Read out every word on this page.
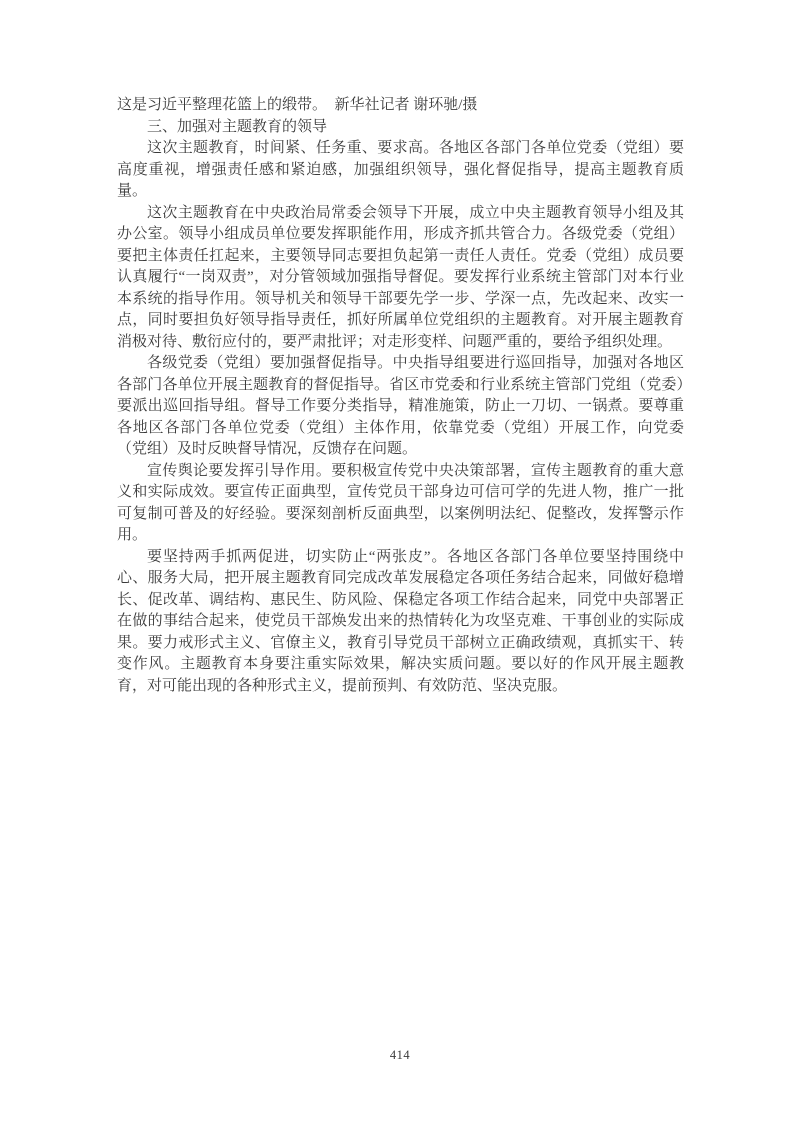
这是习近平整理花篮上的缎带。　新华社记者 谢环驰/摄

三、加强对主题教育的领导

这次主题教育，时间紧、任务重、要求高。各地区各部门各单位党委（党组）要高度重视，增强责任感和紧迫感，加强组织领导，强化督促指导，提高主题教育质量。

这次主题教育在中央政治局常委会领导下开展，成立中央主题教育领导小组及其办公室。领导小组成员单位要发挥职能作用，形成齐抓共管合力。各级党委（党组）要把主体责任扛起来，主要领导同志要担负起第一责任人责任。党委（党组）成员要认真履行“一岗双责”，对分管领域加强指导督促。要发挥行业系统主管部门对本行业本系统的指导作用。领导机关和领导干部要先学一步、学深一点，先改起来、改实一点，同时要担负好领导指导责任，抓好所属单位党组织的主题教育。对开展主题教育消极对待、敷衍应付的，要严肃批评；对走形变样、问题严重的，要给予组织处理。

各级党委（党组）要加强督促指导。中央指导组要进行巡回指导，加强对各地区各部门各单位开展主题教育的督促指导。省区市党委和行业系统主管部门党组（党委）要派出巡回指导组。督导工作要分类指导，精准施策，防止一刀切、一锅煮。要尊重各地区各部门各单位党委（党组）主体作用，依靠党委（党组）开展工作，向党委（党组）及时反映督导情况，反馈存在问题。

宣传舆论要发挥引导作用。要积极宣传党中央决策部署，宣传主题教育的重大意义和实际成效。要宣传正面典型，宣传党员干部身边可信可学的先进人物，推广一批可复制可普及的好经验。要深刻剖析反面典型，以案例明法纪、促整改，发挥警示作用。

要坚持两手抓两促进，切实防止“两张皮”。各地区各部门各单位要坚持围绕中心、服务大局，把开展主题教育同完成改革发展稳定各项任务结合起来，同做好稳增长、促改革、调结构、惠民生、防风险、保稳定各项工作结合起来，同党中央部署正在做的事结合起来，使党员干部焕发出来的热情转化为攻坚克难、干事创业的实际成果。要力戒形式主义、官僚主义，教育引导党员干部树立正确政绩观，真抓实干、转变作风。主题教育本身要注重实际效果，解决实质问题。要以好的作风开展主题教育，对可能出现的各种形式主义，提前预判、有效防范、坚决克服。

414
